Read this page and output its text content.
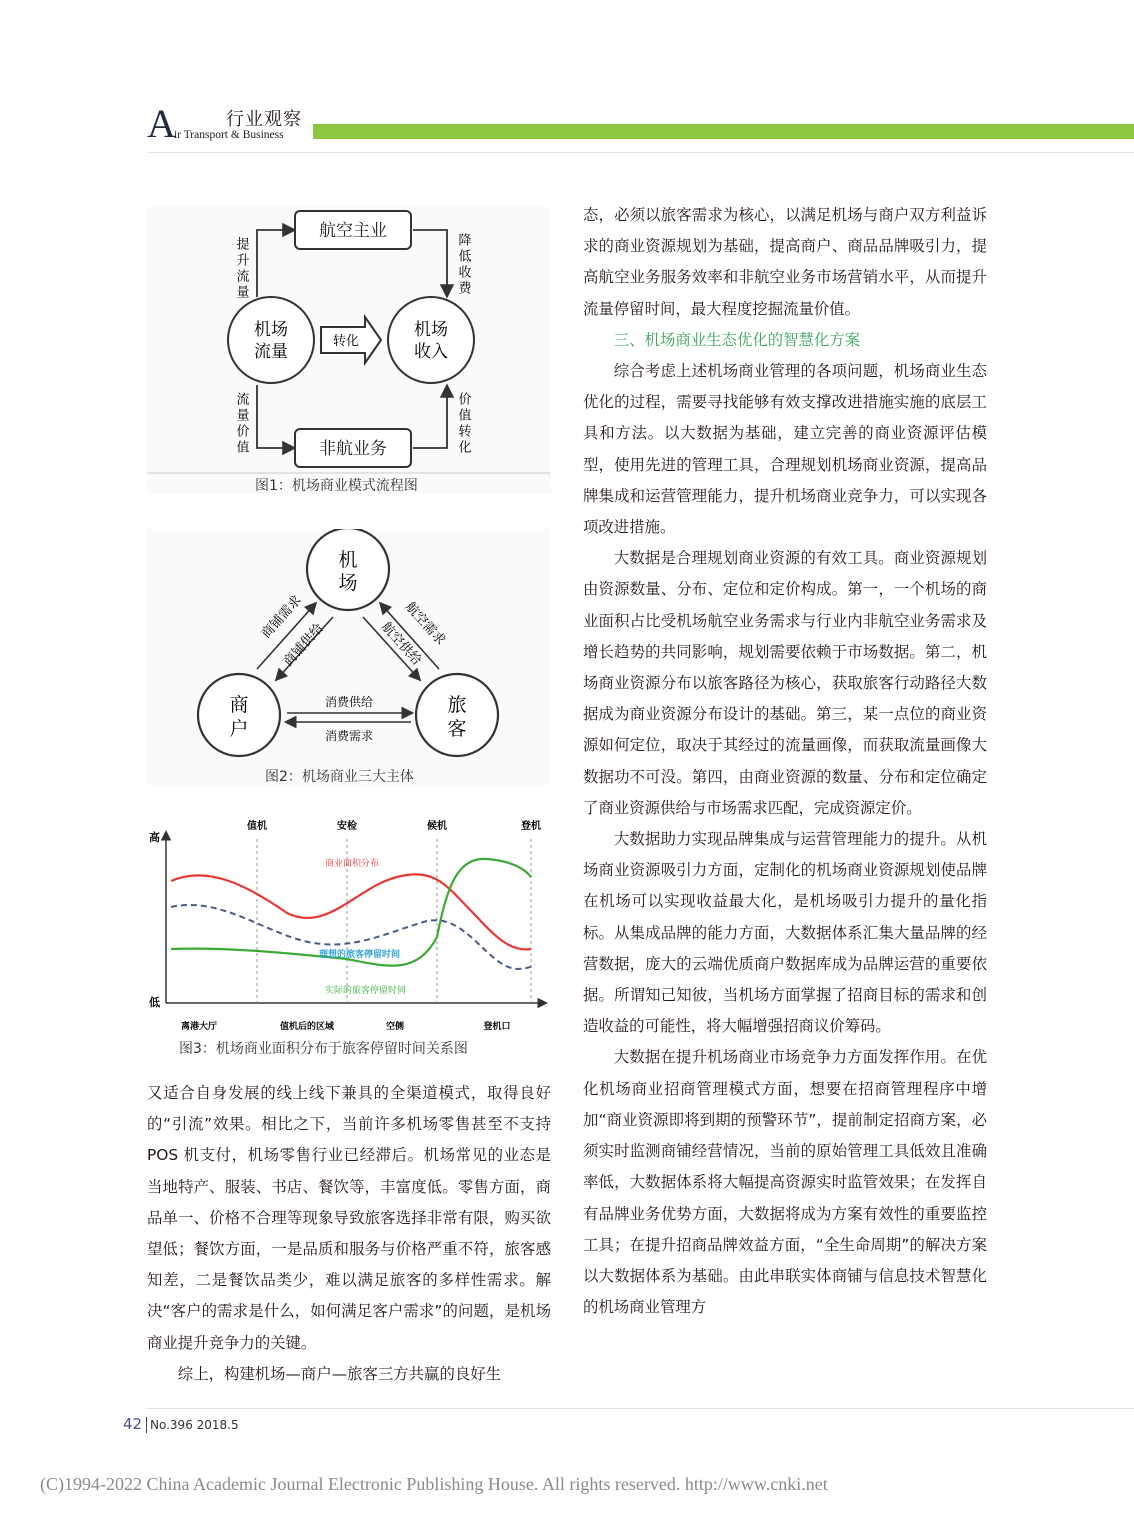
A	行业观察
ir Transport & Business
航空主业
非航业务
机场
流量
机场
收入
转化
提升流量	降低收费
流量价值	价值转化
图1：机场商业模式流程图
机
场
商
户
旅
客
商铺需求
商铺供给	航空需求
航空供给
消费供给
消费需求
图2：机场商业三大主体
高
低
值机	安检	候机	登机
商业面积分布
理想的旅客停留时间
实际的旅客停留时间
离港大厅	值机后的区域	空侧	登机口
图3：机场商业面积分布于旅客停留时间关系图

又适合自身发展的线上线下兼具的全渠道模式，取得良好的“引流”效果。相比之下，当前许多机场零售甚至不支持 POS 机支付，机场零售行业已经滞后。机场常见的业态是当地特产、服装、书店、餐饮等，丰富度低。零售方面，商品单一、价格不合理等现象导致旅客选择非常有限，购买欲望低；餐饮方面，一是品质和服务与价格严重不符，旅客感知差，二是餐饮品类少，难以满足旅客的多样性需求。解决“客户的需求是什么，如何满足客户需求”的问题，是机场商业提升竞争力的关键。

综上，构建机场—商户—旅客三方共赢的良好生

态，必须以旅客需求为核心，以满足机场与商户双方利益诉求的商业资源规划为基础，提高商户、商品品牌吸引力，提高航空业务服务效率和非航空业务市场营销水平，从而提升流量停留时间，最大程度挖掘流量价值。

三、机场商业生态优化的智慧化方案

综合考虑上述机场商业管理的各项问题，机场商业生态优化的过程，需要寻找能够有效支撑改进措施实施的底层工具和方法。以大数据为基础，建立完善的商业资源评估模型，使用先进的管理工具，合理规划机场商业资源，提高品牌集成和运营管理能力，提升机场商业竞争力，可以实现各项改进措施。

大数据是合理规划商业资源的有效工具。商业资源规划由资源数量、分布、定位和定价构成。第一，一个机场的商业面积占比受机场航空业务需求与行业内非航空业务需求及增长趋势的共同影响，规划需要依赖于市场数据。第二，机场商业资源分布以旅客路径为核心，获取旅客行动路径大数据成为商业资源分布设计的基础。第三，某一点位的商业资源如何定位，取决于其经过的流量画像，而获取流量画像大数据功不可没。第四，由商业资源的数量、分布和定位确定了商业资源供给与市场需求匹配，完成资源定价。

大数据助力实现品牌集成与运营管理能力的提升。从机场商业资源吸引力方面，定制化的机场商业资源规划使品牌在机场可以实现收益最大化，是机场吸引力提升的量化指标。从集成品牌的能力方面，大数据体系汇集大量品牌的经营数据，庞大的云端优质商户数据库成为品牌运营的重要依据。所谓知己知彼，当机场方面掌握了招商目标的需求和创造收益的可能性，将大幅增强招商议价筹码。

大数据在提升机场商业市场竞争力方面发挥作用。在优化机场商业招商管理模式方面，想要在招商管理程序中增加“商业资源即将到期的预警环节”，提前制定招商方案，必须实时监测商铺经营情况，当前的原始管理工具低效且准确率低，大数据体系将大幅提高资源实时监管效果；在发挥自有品牌业务优势方面，大数据将成为方案有效性的重要监控工具；在提升招商品牌效益方面，“全生命周期”的解决方案以大数据体系为基础。由此串联实体商铺与信息技术智慧化的机场商业管理方

42 No.396 2018.5
(C)1994-2022 China Academic Journal Electronic Publishing House. All rights reserved. http://www.cnki.net
